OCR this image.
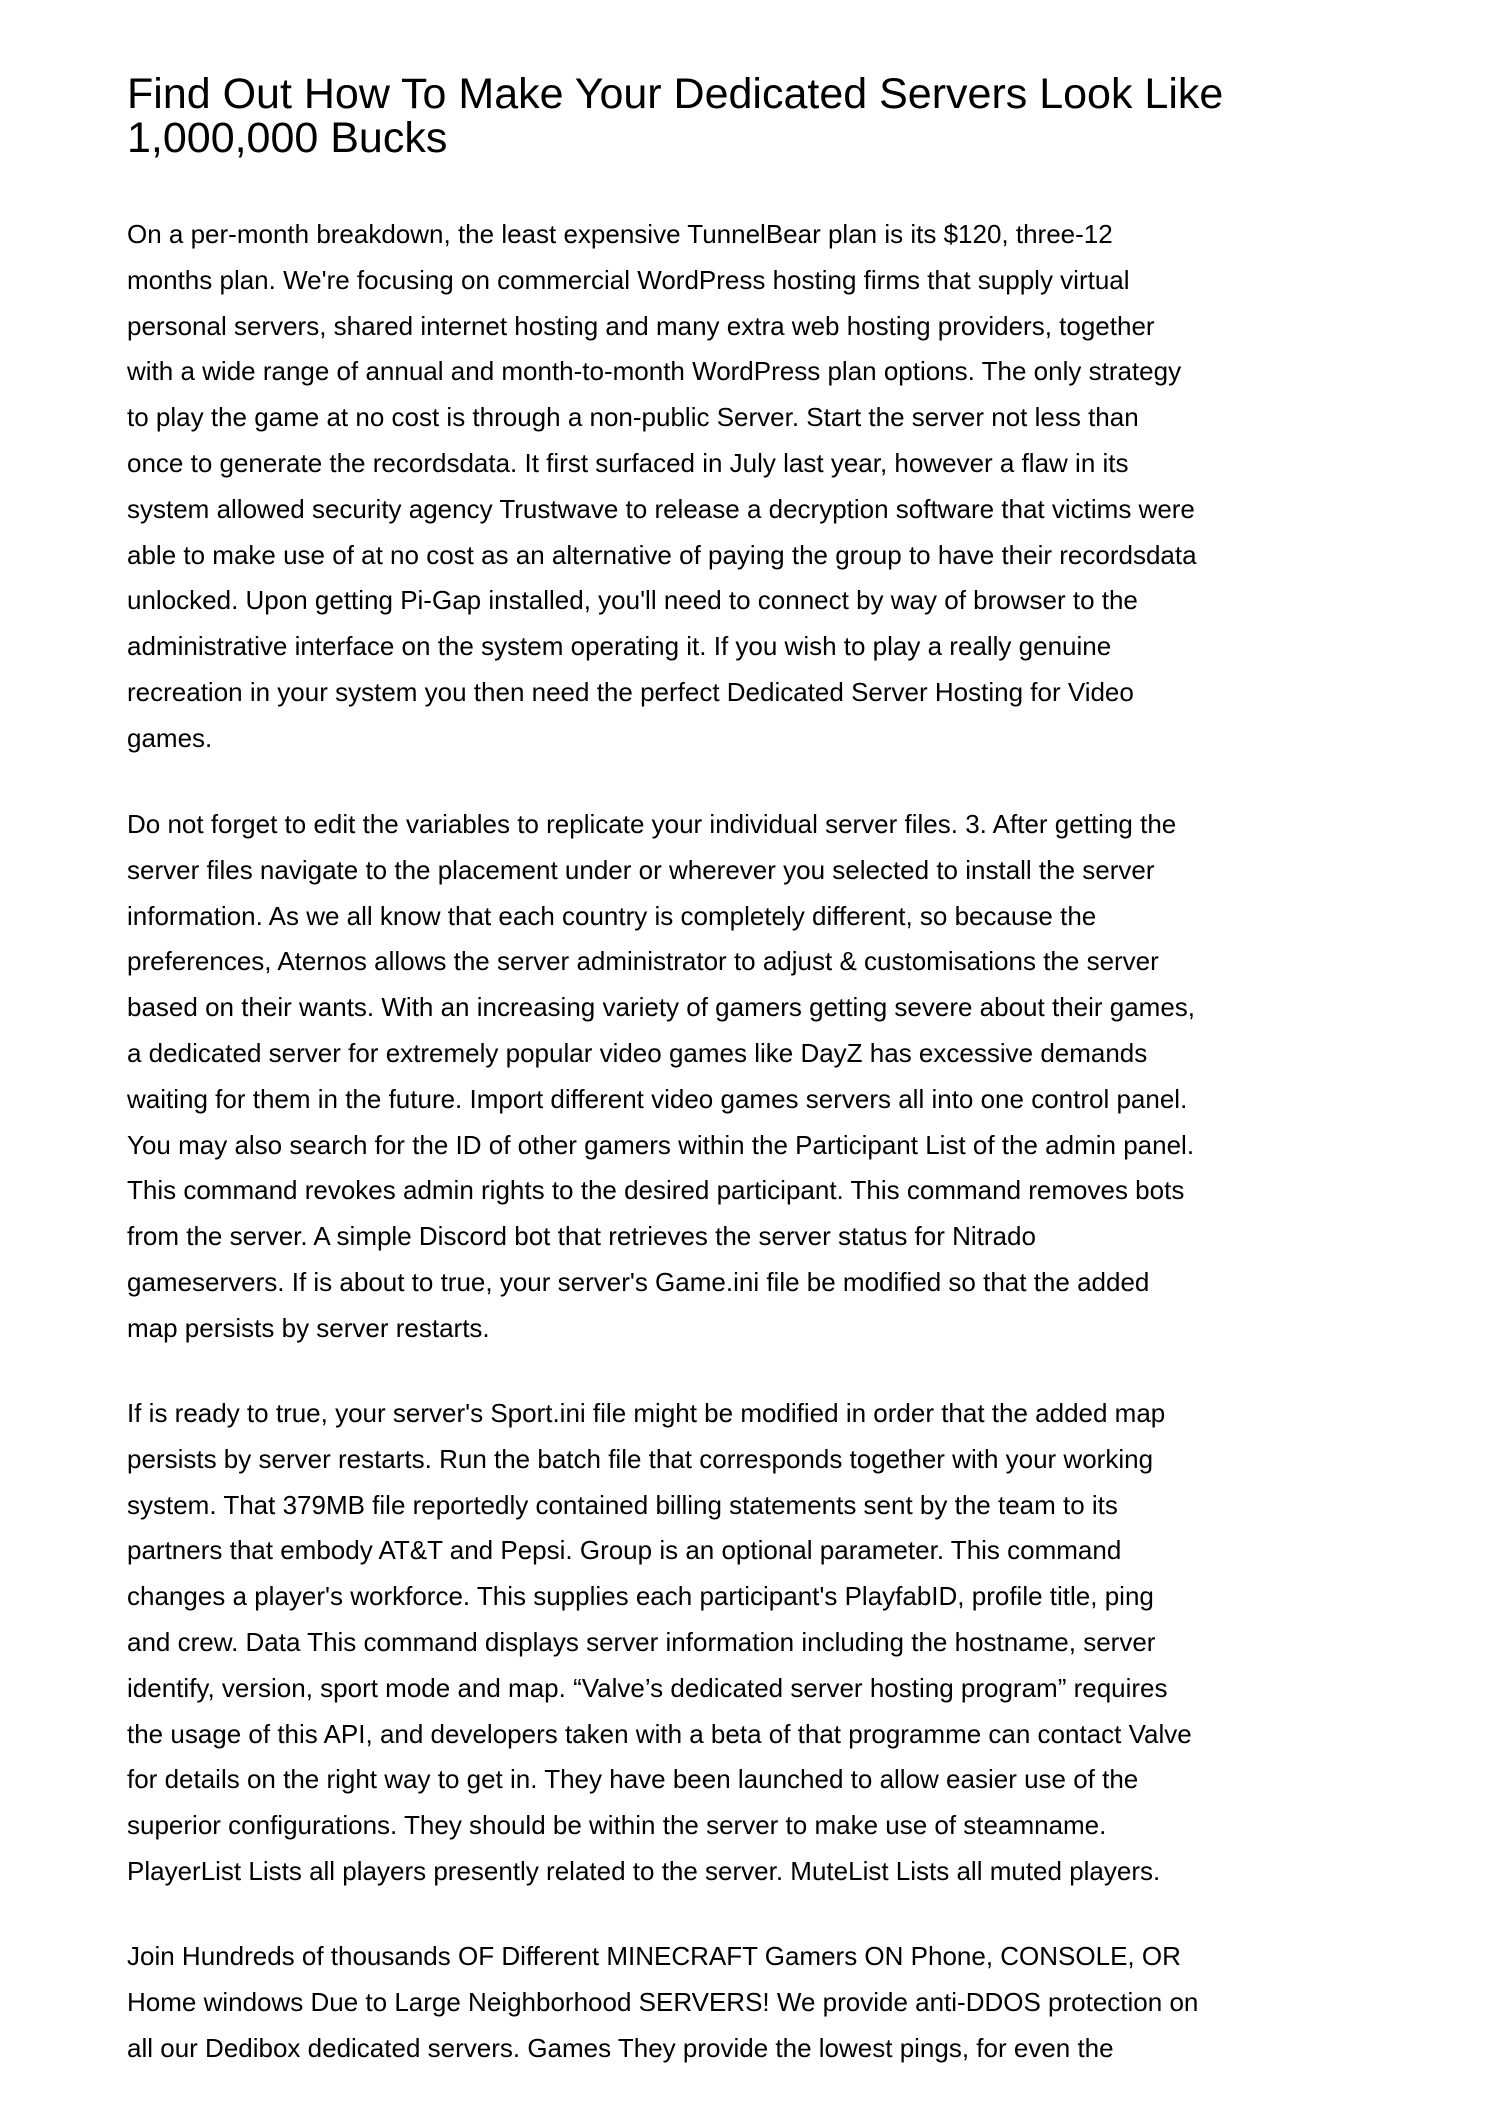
Find Out How To Make Your Dedicated Servers Look Like
1,000,000 Bucks
On a per-month breakdown, the least expensive TunnelBear plan is its $120, three-12
months plan. We're focusing on commercial WordPress hosting firms that supply virtual
personal servers, shared internet hosting and many extra web hosting providers, together
with a wide range of annual and month-to-month WordPress plan options. The only strategy
to play the game at no cost is through a non-public Server. Start the server not less than
once to generate the recordsdata. It first surfaced in July last year, however a flaw in its
system allowed security agency Trustwave to release a decryption software that victims were
able to make use of at no cost as an alternative of paying the group to have their recordsdata
unlocked. Upon getting Pi-Gap installed, you'll need to connect by way of browser to the
administrative interface on the system operating it. If you wish to play a really genuine
recreation in your system you then need the perfect Dedicated Server Hosting for Video
games.
Do not forget to edit the variables to replicate your individual server files. 3. After getting the
server files navigate to the placement under or wherever you selected to install the server
information. As we all know that each country is completely different, so because the
preferences, Aternos allows the server administrator to adjust & customisations the server
based on their wants. With an increasing variety of gamers getting severe about their games,
a dedicated server for extremely popular video games like DayZ has excessive demands
waiting for them in the future. Import different video games servers all into one control panel.
You may also search for the ID of other gamers within the Participant List of the admin panel.
This command revokes admin rights to the desired participant. This command removes bots
from the server. A simple Discord bot that retrieves the server status for Nitrado
gameservers. If is about to true, your server's Game.ini file be modified so that the added
map persists by server restarts.
If is ready to true, your server's Sport.ini file might be modified in order that the added map
persists by server restarts. Run the batch file that corresponds together with your working
system. That 379MB file reportedly contained billing statements sent by the team to its
partners that embody AT&T and Pepsi. Group is an optional parameter. This command
changes a player's workforce. This supplies each participant's PlayfabID, profile title, ping
and crew. Data This command displays server information including the hostname, server
identify, version, sport mode and map. “Valve’s dedicated server hosting program” requires
the usage of this API, and developers taken with a beta of that programme can contact Valve
for details on the right way to get in. They have been launched to allow easier use of the
superior configurations. They should be within the server to make use of steamname.
PlayerList Lists all players presently related to the server. MuteList Lists all muted players.
Join Hundreds of thousands OF Different MINECRAFT Gamers ON Phone, CONSOLE, OR
Home windows Due to Large Neighborhood SERVERS! We provide anti-DDOS protection on
all our Dedibox dedicated servers. Games They provide the lowest pings, for even the
